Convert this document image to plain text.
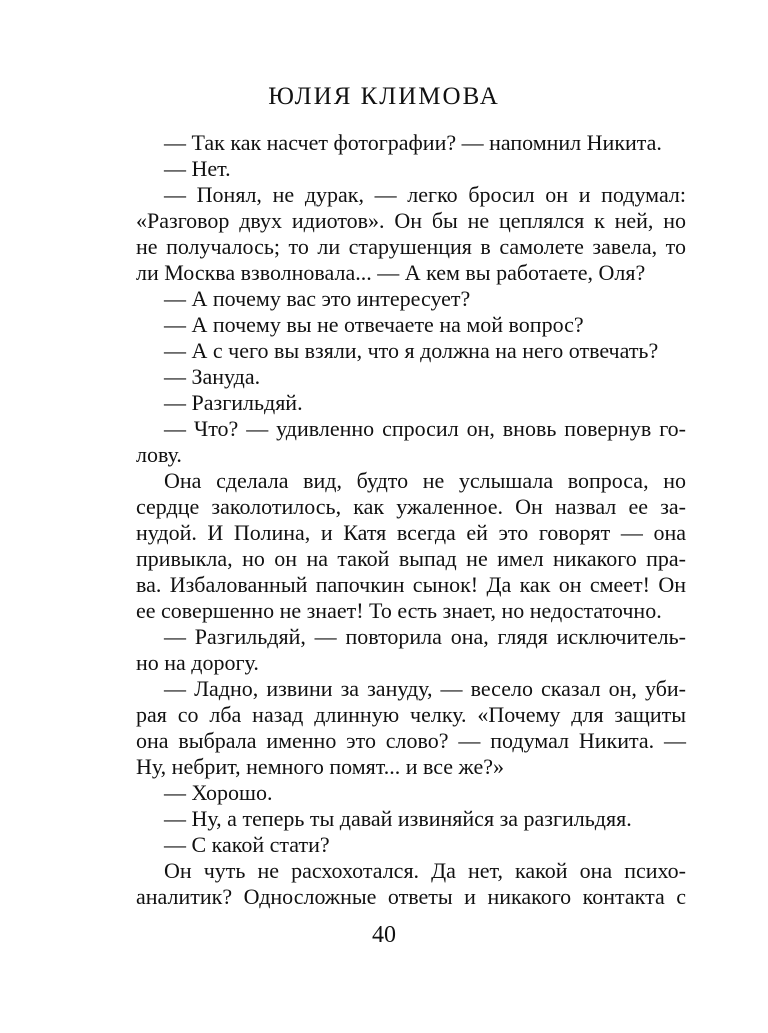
ЮЛИЯ КЛИМОВА
— Так как насчет фотографии? — напомнил Никита.
— Нет.
— Понял, не дурак, — легко бросил он и подумал:
«Разговор двух идиотов». Он бы не цеплялся к ней, но
не получалось; то ли старушенция в самолете завела, то
ли Москва взволновала... — А кем вы работаете, Оля?
— А почему вас это интересует?
— А почему вы не отвечаете на мой вопрос?
— А с чего вы взяли, что я должна на него отвечать?
— Зануда.
— Разгильдяй.
— Что? — удивленно спросил он, вновь повернув го-
лову.
Она сделала вид, будто не услышала вопроса, но
сердце заколотилось, как ужаленное. Он назвал ее за-
нудой. И Полина, и Катя всегда ей это говорят — она
привыкла, но он на такой выпад не имел никакого пра-
ва. Избалованный папочкин сынок! Да как он смеет! Он
ее совершенно не знает! То есть знает, но недостаточно.
— Разгильдяй, — повторила она, глядя исключитель-
но на дорогу.
— Ладно, извини за зануду, — весело сказал он, уби-
рая со лба назад длинную челку. «Почему для защиты
она выбрала именно это слово? — подумал Никита. —
Ну, небрит, немного помят... и все же?»
— Хорошо.
— Ну, а теперь ты давай извиняйся за разгильдяя.
— С какой стати?
Он чуть не расхохотался. Да нет, какой она психо-
аналитик? Односложные ответы и никакого контакта с
40
